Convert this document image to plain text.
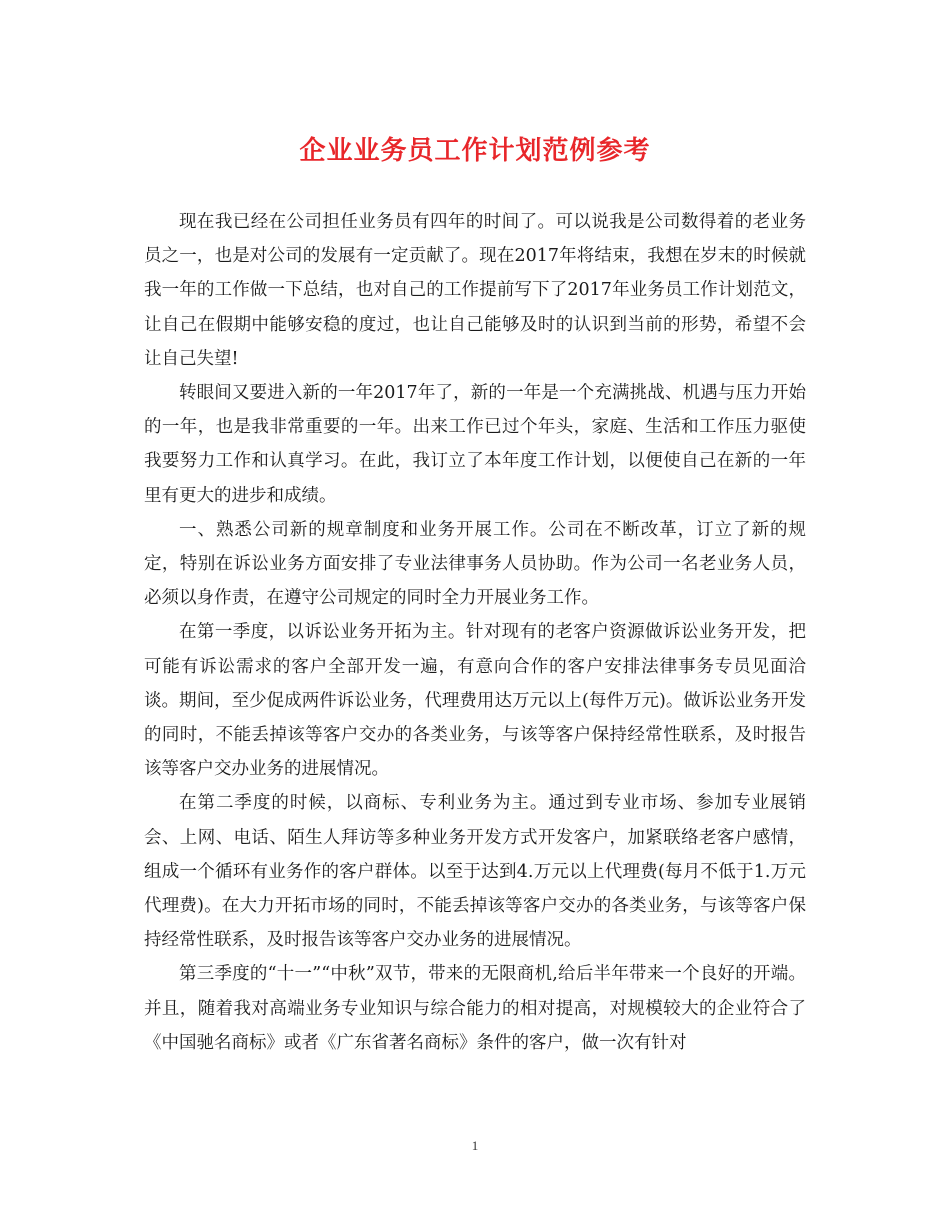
企业业务员工作计划范例参考

现在我已经在公司担任业务员有四年的时间了。可以说我是公司数得着的老业务员之一，也是对公司的发展有一定贡献了。现在2017年将结束，我想在岁末的时候就我一年的工作做一下总结，也对自己的工作提前写下了2017年业务员工作计划范文，让自己在假期中能够安稳的度过，也让自己能够及时的认识到当前的形势，希望不会让自己失望!

转眼间又要进入新的一年2017年了，新的一年是一个充满挑战、机遇与压力开始的一年，也是我非常重要的一年。出来工作已过个年头，家庭、生活和工作压力驱使我要努力工作和认真学习。在此，我订立了本年度工作计划，以便使自己在新的一年里有更大的进步和成绩。

一、熟悉公司新的规章制度和业务开展工作。公司在不断改革，订立了新的规定，特别在诉讼业务方面安排了专业法律事务人员协助。作为公司一名老业务人员，必须以身作责，在遵守公司规定的同时全力开展业务工作。

在第一季度，以诉讼业务开拓为主。针对现有的老客户资源做诉讼业务开发，把可能有诉讼需求的客户全部开发一遍，有意向合作的客户安排法律事务专员见面洽谈。期间，至少促成两件诉讼业务，代理费用达万元以上(每件万元)。做诉讼业务开发的同时，不能丢掉该等客户交办的各类业务，与该等客户保持经常性联系，及时报告该等客户交办业务的进展情况。

在第二季度的时候，以商标、专利业务为主。通过到专业市场、参加专业展销会、上网、电话、陌生人拜访等多种业务开发方式开发客户，加紧联络老客户感情，组成一个循环有业务作的客户群体。以至于达到4.万元以上代理费(每月不低于1.万元代理费)。在大力开拓市场的同时，不能丢掉该等客户交办的各类业务，与该等客户保持经常性联系，及时报告该等客户交办业务的进展情况。

第三季度的“十一”“中秋”双节，带来的无限商机,给后半年带来一个良好的开端。并且，随着我对高端业务专业知识与综合能力的相对提高，对规模较大的企业符合了《中国驰名商标》或者《广东省著名商标》条件的客户，做一次有针对

1
